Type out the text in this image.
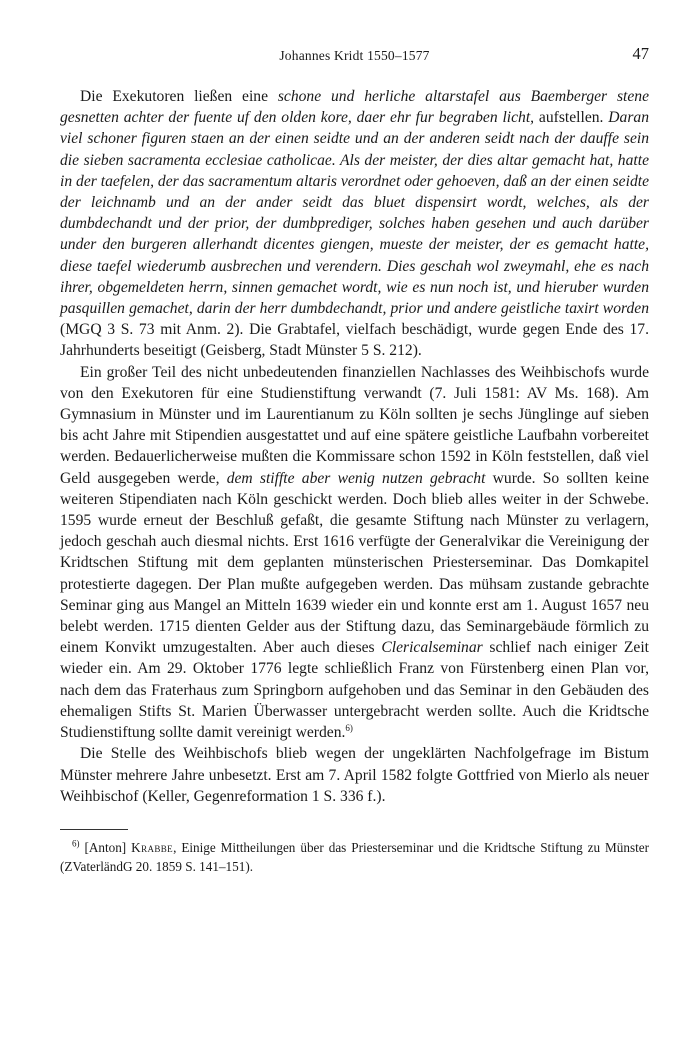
Johannes Kridt 1550–1577	47

Die Exekutoren ließen eine schone und herliche altarstafel aus Baemberger stene gesnetten achter der fuente uf den olden kore, daer ehr fur begraben licht, aufstellen. Daran viel schoner figuren staen an der einen seidte und an der anderen seidt nach der dauffe sein die sieben sacramenta ecclesiae catholicae. Als der meister, der dies altar gemacht hat, hatte in der taefelen, der das sacramentum altaris verordnet oder gehoeven, daß an der einen seidte der leichnamb und an der ander seidt das bluet dispensirt wordt, welches, als der dumbdechandt und der prior, der dumbprediger, solches haben gesehen und auch darüber under den burgeren allerhandt dicentes giengen, mueste der meister, der es gemacht hatte, diese taefel wiederumb ausbrechen und verendern. Dies geschah wol zweymahl, ehe es nach ihrer, obgemeldeten herrn, sinnen gemachet wordt, wie es nun noch ist, und hieruber wurden pasquillen gemachet, darin der herr dumbdechandt, prior und andere geistliche taxirt worden (MGQ 3 S. 73 mit Anm. 2). Die Grabtafel, vielfach beschädigt, wurde gegen Ende des 17. Jahrhunderts beseitigt (Geisberg, Stadt Münster 5 S. 212).

Ein großer Teil des nicht unbedeutenden finanziellen Nachlasses des Weihbischofs wurde von den Exekutoren für eine Studienstiftung verwandt (7. Juli 1581: AV Ms. 168). Am Gymnasium in Münster und im Laurentianum zu Köln sollten je sechs Jünglinge auf sieben bis acht Jahre mit Stipendien ausgestattet und auf eine spätere geistliche Laufbahn vorbereitet werden. Bedauerlicherweise mußten die Kommissare schon 1592 in Köln feststellen, daß viel Geld ausgegeben werde, dem stiffte aber wenig nutzen gebracht wurde. So sollten keine weiteren Stipendiaten nach Köln geschickt werden. Doch blieb alles weiter in der Schwebe. 1595 wurde erneut der Beschluß gefaßt, die gesamte Stiftung nach Münster zu verlagern, jedoch geschah auch diesmal nichts. Erst 1616 verfügte der Generalvikar die Vereinigung der Kridtschen Stiftung mit dem geplanten münsterischen Priesterseminar. Das Domkapitel protestierte dagegen. Der Plan mußte aufgegeben werden. Das mühsam zustande gebrachte Seminar ging aus Mangel an Mitteln 1639 wieder ein und konnte erst am 1. August 1657 neu belebt werden. 1715 dienten Gelder aus der Stiftung dazu, das Seminargebäude förmlich zu einem Konvikt umzugestalten. Aber auch dieses Clericalseminar schlief nach einiger Zeit wieder ein. Am 29. Oktober 1776 legte schließlich Franz von Fürstenberg einen Plan vor, nach dem das Fraterhaus zum Springborn aufgehoben und das Seminar in den Gebäuden des ehemaligen Stifts St. Marien Überwasser untergebracht werden sollte. Auch die Kridtsche Studienstiftung sollte damit vereinigt werden.$^{6)}$

Die Stelle des Weihbischofs blieb wegen der ungeklärten Nachfolgefrage im Bistum Münster mehrere Jahre unbesetzt. Erst am 7. April 1582 folgte Gottfried von Mierlo als neuer Weihbischof (Keller, Gegenreformation 1 S. 336 f.).

$^{6)}$ [Anton] Krabbe, Einige Mittheilungen über das Priesterseminar und die Kridtsche Stiftung zu Münster (ZVaterländG 20. 1859 S. 141–151).
